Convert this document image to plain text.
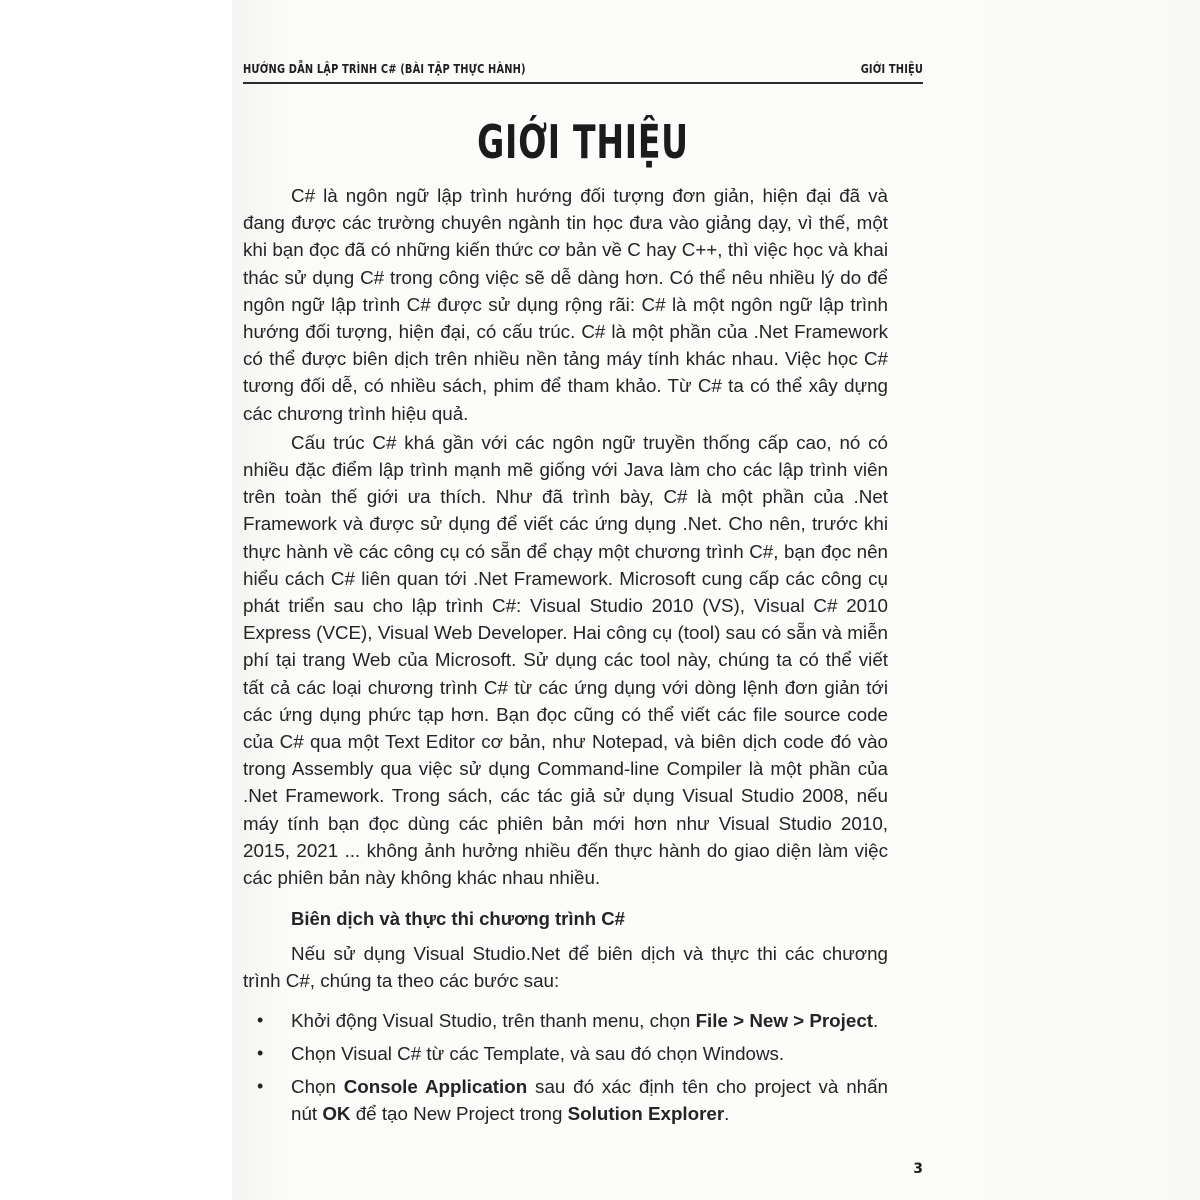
HƯỚNG DẪN LẬP TRÌNH C# (BÀI TẬP THỰC HÀNH)	GIỚI THIỆU
GIỚI THIỆU

C# là ngôn ngữ lập trình hướng đối tượng đơn giản, hiện đại đã và đang được các trường chuyên ngành tin học đưa vào giảng dạy, vì thế, một khi bạn đọc đã có những kiến thức cơ bản về C hay C++, thì việc học và khai thác sử dụng C# trong công việc sẽ dễ dàng hơn. Có thể nêu nhiều lý do để ngôn ngữ lập trình C# được sử dụng rộng rãi: C# là một ngôn ngữ lập trình hướng đối tượng, hiện đại, có cấu trúc. C# là một phần của .Net Framework có thể được biên dịch trên nhiều nền tảng máy tính khác nhau. Việc học C# tương đối dễ, có nhiều sách, phim để tham khảo. Từ C# ta có thể xây dựng các chương trình hiệu quả.

Cấu trúc C# khá gần với các ngôn ngữ truyền thống cấp cao, nó có nhiều đặc điểm lập trình mạnh mẽ giống với Java làm cho các lập trình viên trên toàn thế giới ưa thích. Như đã trình bày, C# là một phần của .Net Framework và được sử dụng để viết các ứng dụng .Net. Cho nên, trước khi thực hành về các công cụ có sẵn để chạy một chương trình C#, bạn đọc nên hiểu cách C# liên quan tới .Net Framework. Microsoft cung cấp các công cụ phát triển sau cho lập trình C#: Visual Studio 2010 (VS), Visual C# 2010 Express (VCE), Visual Web Developer. Hai công cụ (tool) sau có sẵn và miễn phí tại trang Web của Microsoft. Sử dụng các tool này, chúng ta có thể viết tất cả các loại chương trình C# từ các ứng dụng với dòng lệnh đơn giản tới các ứng dụng phức tạp hơn. Bạn đọc cũng có thể viết các file source code của C# qua một Text Editor cơ bản, như Notepad, và biên dịch code đó vào trong Assembly qua việc sử dụng Command-line Compiler là một phần của .Net Framework. Trong sách, các tác giả sử dụng Visual Studio 2008, nếu máy tính bạn đọc dùng các phiên bản mới hơn như Visual Studio 2010, 2015, 2021 ... không ảnh hưởng nhiều đến thực hành do giao diện làm việc các phiên bản này không khác nhau nhiều.

Biên dịch và thực thi chương trình C#

Nếu sử dụng Visual Studio.Net để biên dịch và thực thi các chương trình C#, chúng ta theo các bước sau:

• Khởi động Visual Studio, trên thanh menu, chọn File > New > Project.
• Chọn Visual C# từ các Template, và sau đó chọn Windows.
• Chọn Console Application sau đó xác định tên cho project và nhấn nút OK để tạo New Project trong Solution Explorer.
3
